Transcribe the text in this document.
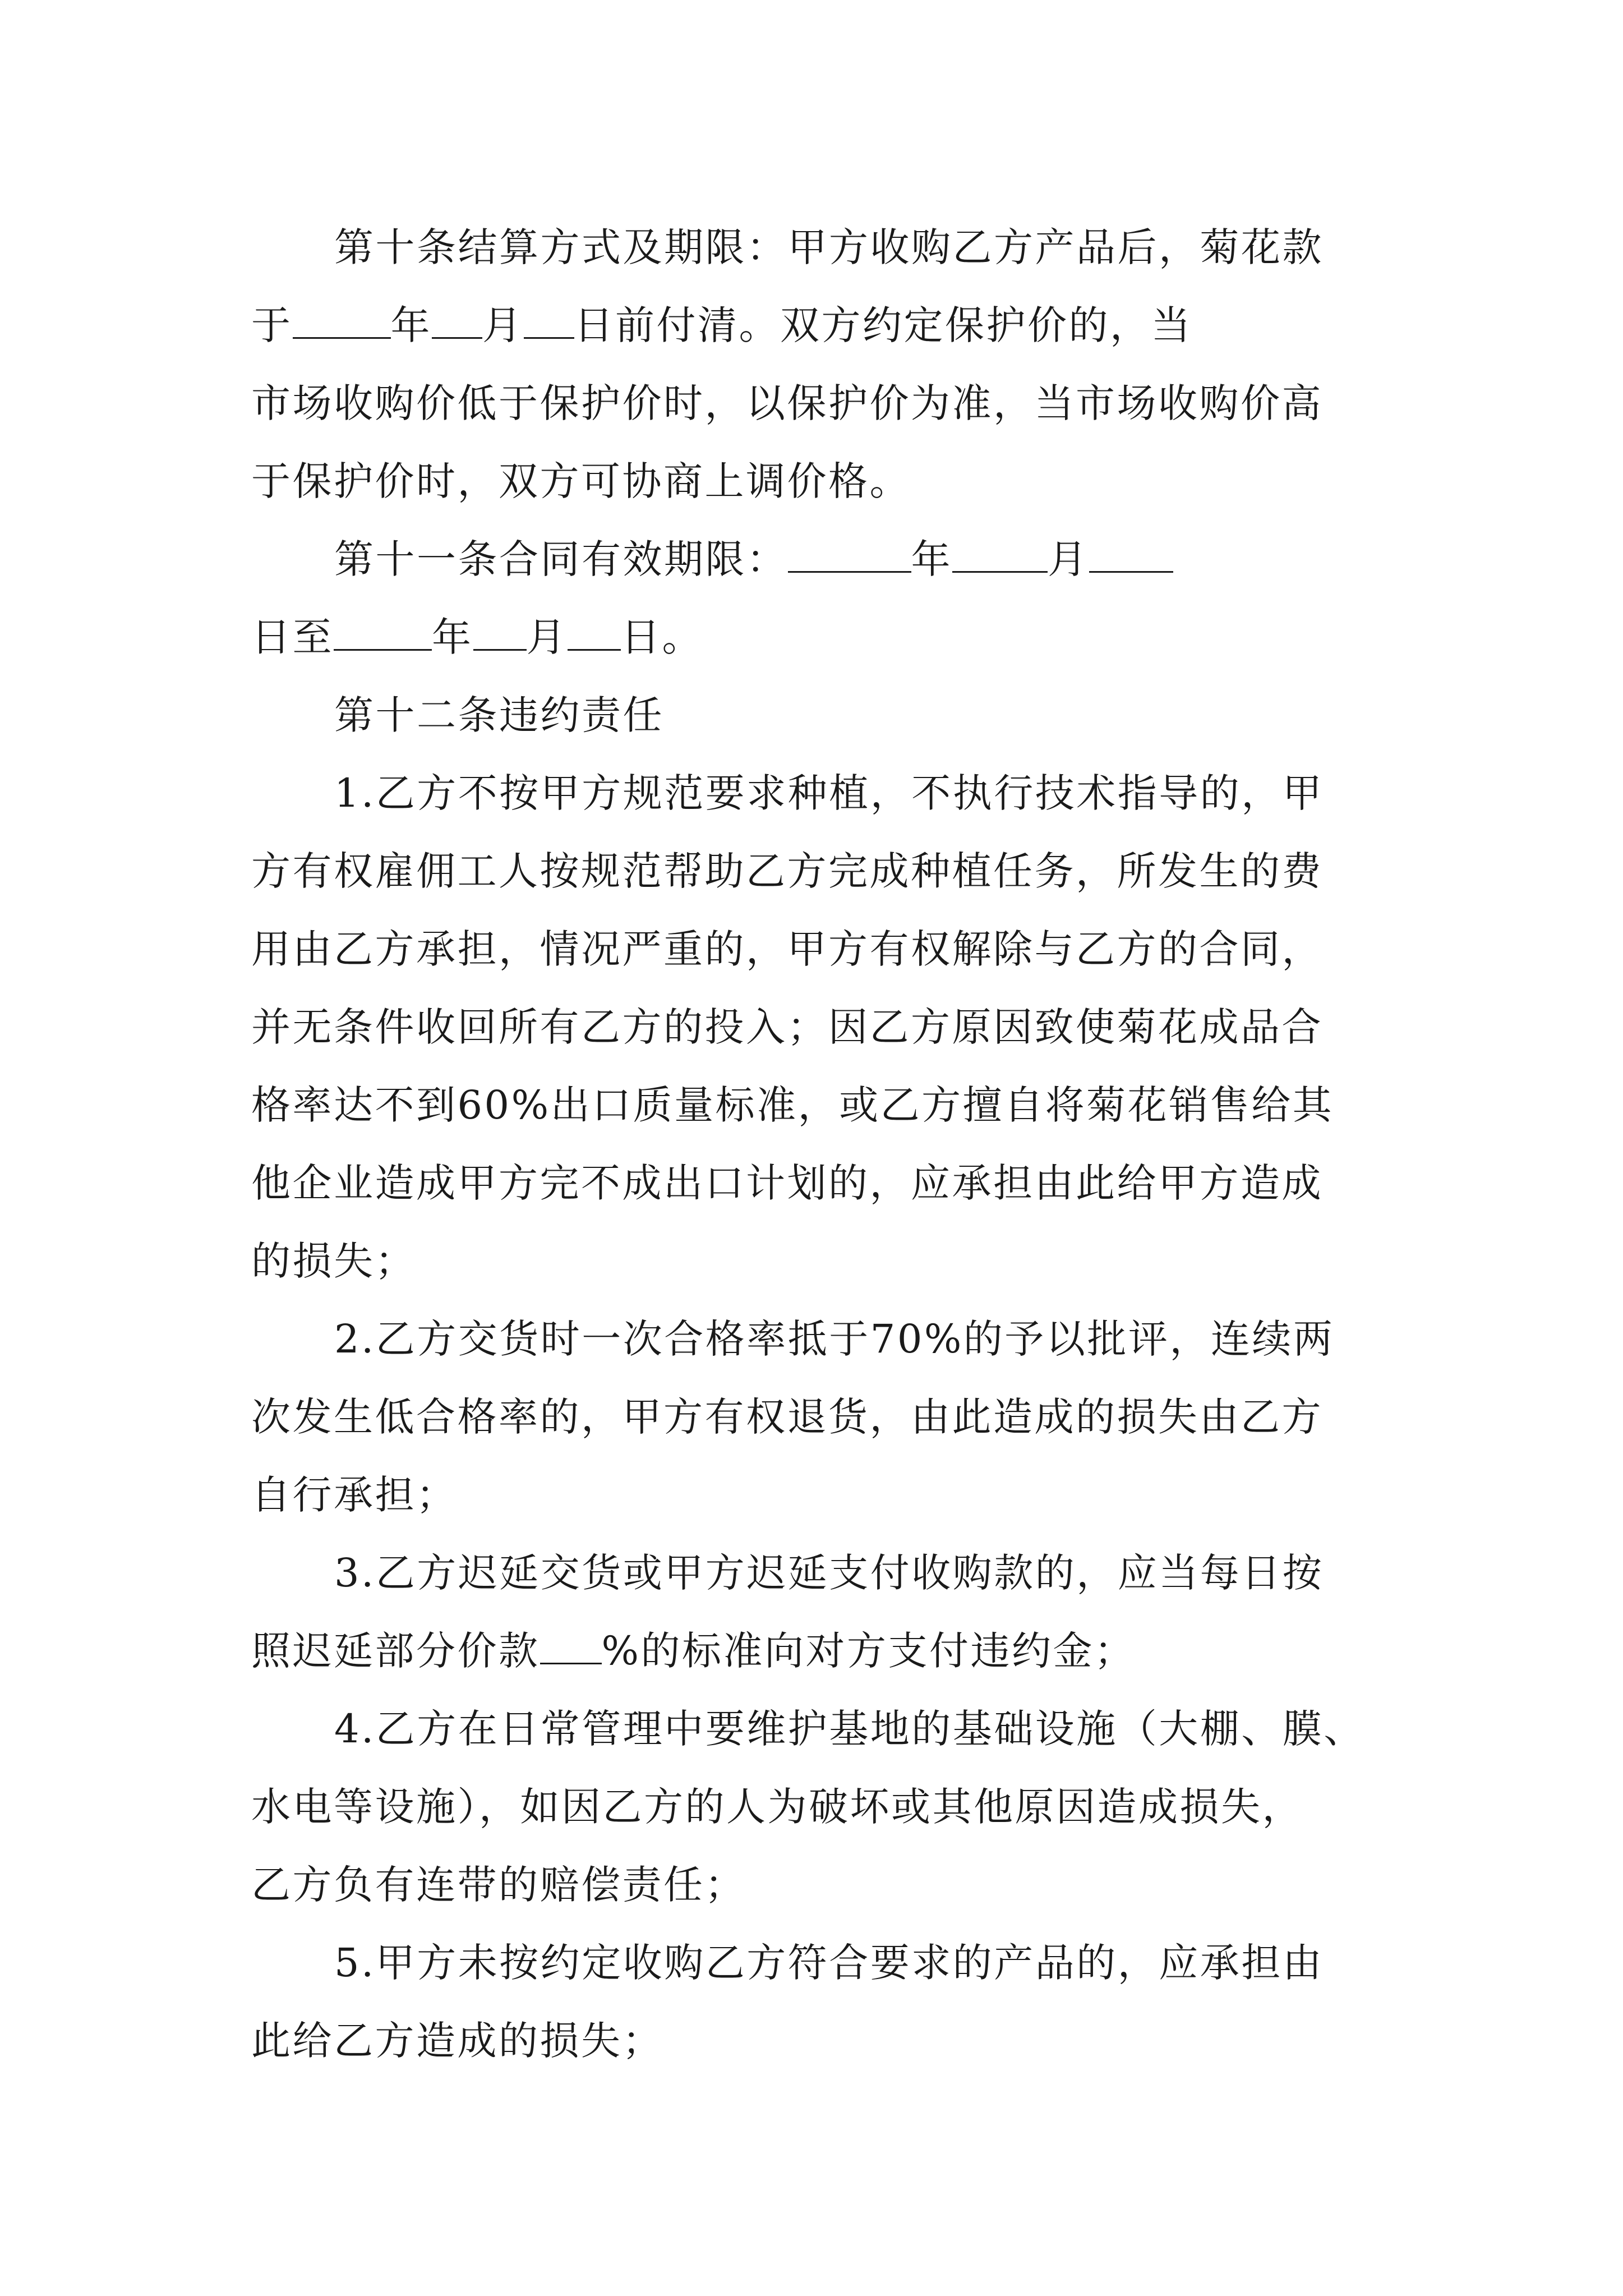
第十条结算方式及期限：甲方收购乙方产品后，菊花款
于	年 月 日前付清。双方约定保护价的，当
市场收购价低于保护价时，以保护价为准，当市场收购价高
于保护价时，双方可协商上调价格。
第十一条合同有效期限：	年 月
日至	年 月 日。
第十二条违约责任
1.乙方不按甲方规范要求种植，不执行技术指导的，甲
方有权雇佣工人按规范帮助乙方完成种植任务，所发生的费
用由乙方承担，情况严重的，甲方有权解除与乙方的合同，
并无条件收回所有乙方的投入；因乙方原因致使菊花成品合
格率达不到60%出口质量标准，或乙方擅自将菊花销售给其
他企业造成甲方完不成出口计划的，应承担由此给甲方造成
的损失；
2.乙方交货时一次合格率抵于70%的予以批评，连续两
次发生低合格率的，甲方有权退货，由此造成的损失由乙方
自行承担；
3.乙方迟延交货或甲方迟延支付收购款的，应当每日按
照迟延部分价款 %的标准向对方支付违约金；
4.乙方在日常管理中要维护基地的基础设施（大棚、膜、
水电等设施），如因乙方的人为破坏或其他原因造成损失，
乙方负有连带的赔偿责任；
5.甲方未按约定收购乙方符合要求的产品的，应承担由
此给乙方造成的损失；
